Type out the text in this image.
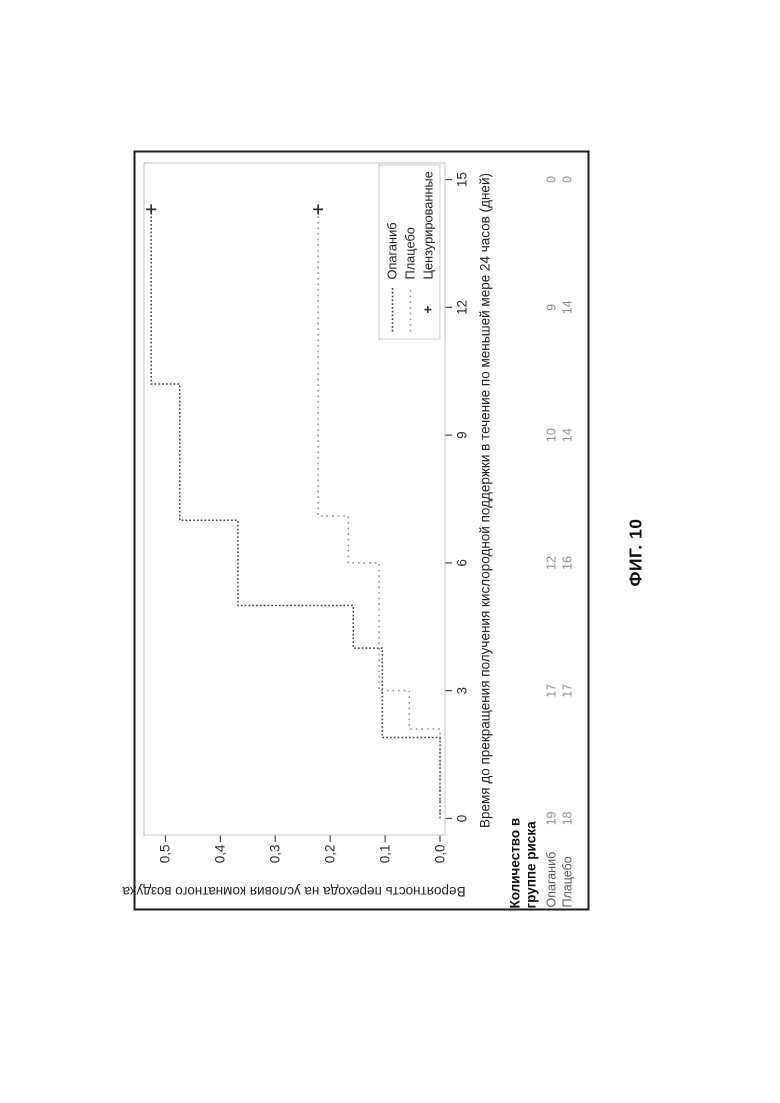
Время до прекращения получения кислородной поддержки в течение по меньшей мере 24 часов (дней)
Вероятность перехода на условия комнатного воздуха
Опаганиб Плацебо
+
Цензурированные
Количество в группе риска Опаганиб Плацебо
ФИГ. 10
0
3
6
9
12
15
0,0
0,1
0,2
0,3
0,4
0,5
19
17
12
10
9
0
18
17
16
14
14
0
